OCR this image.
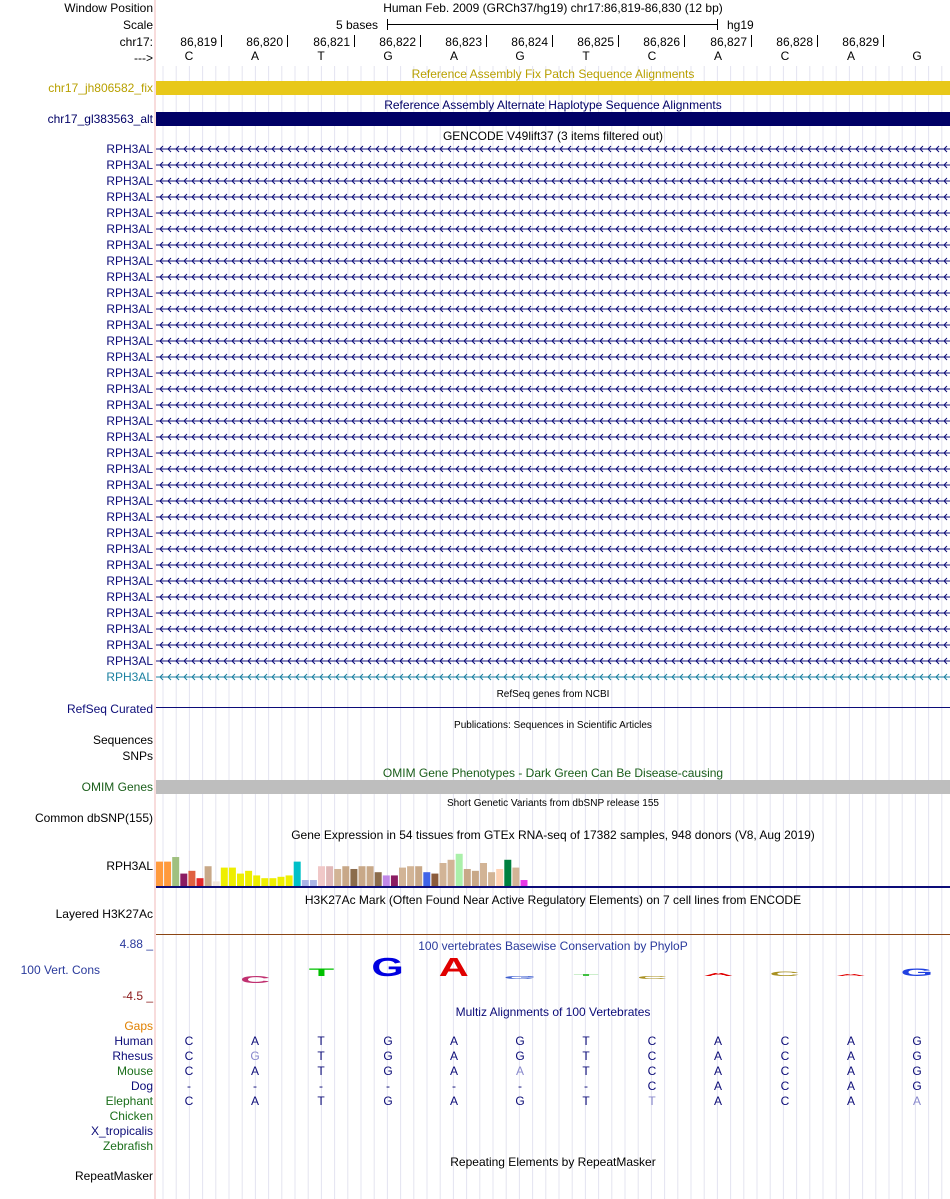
Window Position
Scale
chr17:
--->
Human Feb. 2009 (GRCh37/hg19) chr17:86,819-86,830 (12 bp)
5 bases	hg19
86,819	86,820	86,821	86,822	86,823	86,824	86,825	86,826	86,827	86,828	86,829
C	A	T	G	A	G	T	C	A	C	A	G
Reference Assembly Fix Patch Sequence Alignments
chr17_jh806582_fix
Reference Assembly Alternate Haplotype Sequence Alignments
chr17_gl383563_alt
GENCODE V49lift37 (3 items filtered out)
RPH3AL
RPH3AL
RPH3AL
RPH3AL
RPH3AL
RPH3AL
RPH3AL
RPH3AL
RPH3AL
RPH3AL
RPH3AL
RPH3AL
RPH3AL
RPH3AL
RPH3AL
RPH3AL
RPH3AL
RPH3AL
RPH3AL
RPH3AL
RPH3AL
RPH3AL
RPH3AL
RPH3AL
RPH3AL
RPH3AL
RPH3AL
RPH3AL
RPH3AL
RPH3AL
RPH3AL
RPH3AL
RPH3AL
RPH3AL
RefSeq genes from NCBI
RefSeq Curated
Publications: Sequences in Scientific Articles
Sequences
SNPs
OMIM Gene Phenotypes - Dark Green Can Be Disease-causing
OMIM Genes
Short Genetic Variants from dbSNP release 155
Common dbSNP(155)
Gene Expression in 54 tissues from GTEx RNA-seq of 17382 samples, 948 donors (V8, Aug 2019)
RPH3AL
H3K27Ac Mark (Often Found Near Active Regulatory Elements) on 7 cell lines from ENCODE
Layered H3K27Ac
100 vertebrates Basewise Conservation by PhyloP
4.88 _
100 Vert. Cons
-4.5 _
C
T G A G T C
A C A G
Multiz Alignments of 100 Vertebrates
Gaps
Human	C	A	T	G	A	G	T	C	A	C	A	G
Rhesus	C	G	T	G	A	G	T	C	A	C	A	G
Mouse	C	A	T	G	A	A	T	C	A	C	A	G
Dog	-	-	-	-	-	-	-	C	A	C	A	G
Elephant	C	A	T	G	A	G	T	T	A	C	A	A
Chicken
X_tropicalis
Zebrafish
Repeating Elements by RepeatMasker
RepeatMasker
